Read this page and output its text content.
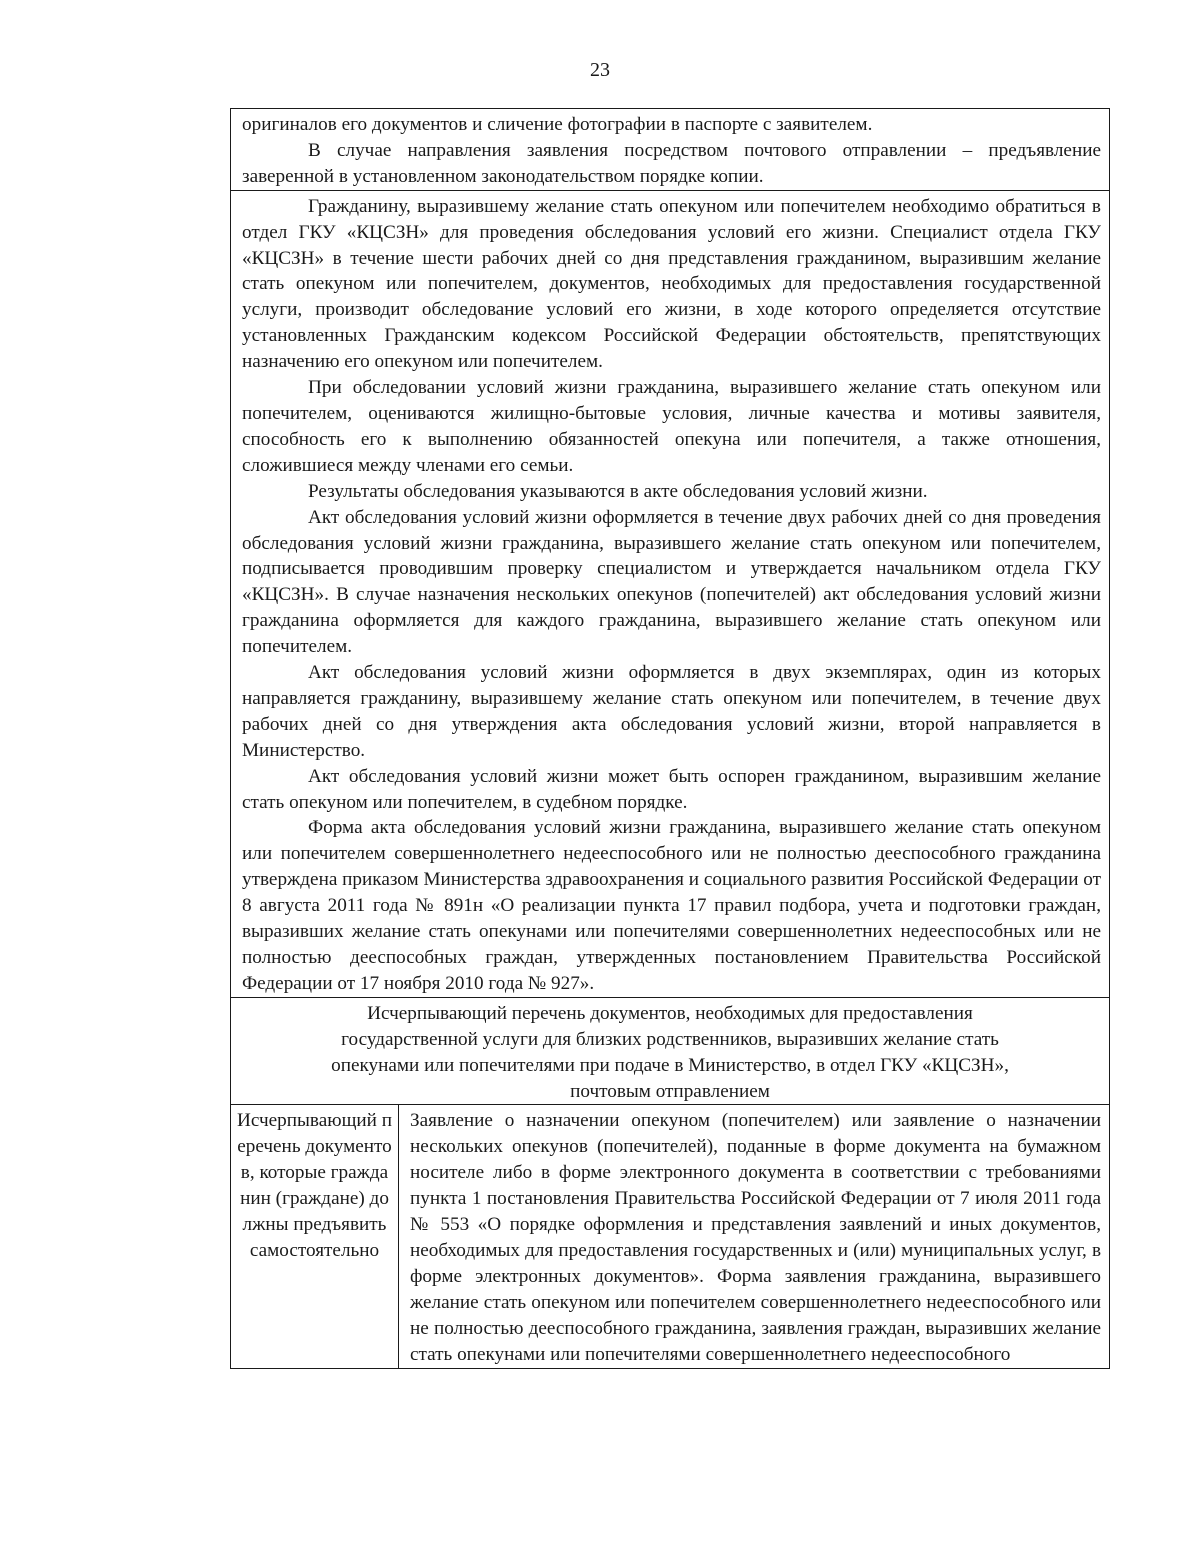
23

оригиналов его документов и сличение фотографии в паспорте с заявителем.

В случае направления заявления посредством почтового отправлении – предъявление заверенной в установленном законодательством порядке копии.

Гражданину, выразившему желание стать опекуном или попечителем необходимо обратиться в отдел ГКУ «КЦСЗН» для проведения обследования условий его жизни. Специалист отдела ГКУ «КЦСЗН» в течение шести рабочих дней со дня представления гражданином, выразившим желание стать опекуном или попечителем, документов, необходимых для предоставления государственной услуги, производит обследование условий его жизни, в ходе которого определяется отсутствие установленных Гражданским кодексом Российской Федерации обстоятельств, препятствующих назначению его опекуном или попечителем.

При обследовании условий жизни гражданина, выразившего желание стать опекуном или попечителем, оцениваются жилищно-бытовые условия, личные качества и мотивы заявителя, способность его к выполнению обязанностей опекуна или попечителя, а также отношения, сложившиеся между членами его семьи.

Результаты обследования указываются в акте обследования условий жизни.

Акт обследования условий жизни оформляется в течение двух рабочих дней со дня проведения обследования условий жизни гражданина, выразившего желание стать опекуном или попечителем, подписывается проводившим проверку специалистом и утверждается начальником отдела ГКУ «КЦСЗН». В случае назначения нескольких опекунов (попечителей) акт обследования условий жизни гражданина оформляется для каждого гражданина, выразившего желание стать опекуном или попечителем.

Акт обследования условий жизни оформляется в двух экземплярах, один из которых направляется гражданину, выразившему желание стать опекуном или попечителем, в течение двух рабочих дней со дня утверждения акта обследования условий жизни, второй направляется в Министерство.

Акт обследования условий жизни может быть оспорен гражданином, выразившим желание стать опекуном или попечителем, в судебном порядке.

Форма акта обследования условий жизни гражданина, выразившего желание стать опекуном или попечителем совершеннолетнего недееспособного или не полностью дееспособного гражданина утверждена приказом Министерства здравоохранения и социального развития Российской Федерации от 8 августа 2011 года № 891н «О реализации пункта 17 правил подбора, учета и подготовки граждан, выразивших желание стать опекунами или попечителями совершеннолетних недееспособных или не полностью дееспособных граждан, утвержденных постановлением Правительства Российской Федерации от 17 ноября 2010 года № 927».

Исчерпывающий перечень документов, необходимых для предоставления

государственной услуги для близких родственников, выразивших желание стать

опекунами или попечителями при подаче в Министерство, в отдел ГКУ «КЦСЗН»,

почтовым отправлением

Исчерпывающий перечень документов, которые гражданин (граждане) должны предъявить самостоятельно

Заявление о назначении опекуном (попечителем) или заявление о назначении нескольких опекунов (попечителей), поданные в форме документа на бумажном носителе либо в форме электронного документа в соответствии с требованиями пункта 1 постановления Правительства Российской Федерации от 7 июля 2011 года № 553 «О порядке оформления и представления заявлений и иных документов, необходимых для предоставления государственных и (или) муниципальных услуг, в форме электронных документов». Форма заявления гражданина, выразившего желание стать опекуном или попечителем совершеннолетнего недееспособного или не полностью дееспособного гражданина, заявления граждан, выразивших желание стать опекунами или попечителями совершеннолетнего недееспособного
